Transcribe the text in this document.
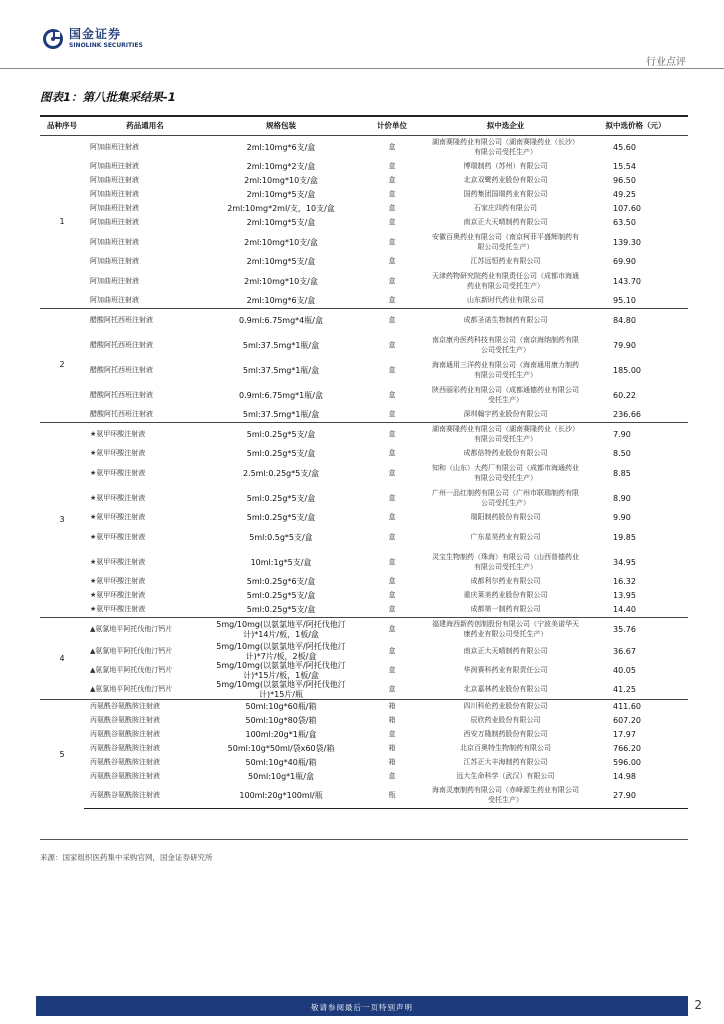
国金证券
SINOLINK SECURITIES
行业点评
图表1：第八批集采结果-1
品种序号	药品通用名	规格包装	计价单位	拟中选企业	拟中选价格（元）
1	阿加曲班注射液	2ml:10mg*6支/盒	盒	湖南赛隆药业有限公司（湖南赛隆药业（长沙）有限公司受托生产）	45.60
	阿加曲班注射液	2ml:10mg*2支/盒	盒	博瑞制药（苏州）有限公司	15.54
	阿加曲班注射液	2ml:10mg*10支/盒	盒	北京双鹭药业股份有限公司	96.50
	阿加曲班注射液	2ml:10mg*5支/盒	盒	国药集团国瑞药业有限公司	49.25
	阿加曲班注射液	2ml:10mg*2ml/支，10支/盒	盒	石家庄四药有限公司	107.60
	阿加曲班注射液	2ml:10mg*5支/盒	盒	南京正大天晴制药有限公司	63.50
	阿加曲班注射液	2ml:10mg*10支/盒	盒	安徽百奥药业有限公司（南京柯菲平盛辉制药有限公司受托生产）	139.30
	阿加曲班注射液	2ml:10mg*5支/盒	盒	江苏远恒药业有限公司	69.90
	阿加曲班注射液	2ml:10mg*10支/盒	盒	天津药物研究院药业有限责任公司（成都市海通药业有限公司受托生产）	143.70
	阿加曲班注射液	2ml:10mg*6支/盒	盒	山东新时代药业有限公司	95.10
2	醋酸阿托西班注射液	0.9ml:6.75mg*4瓶/盒	盒	成都圣诺生物制药有限公司	84.80
	醋酸阿托西班注射液	5ml:37.5mg*1瓶/盒	盒	南京康舟医药科技有限公司（南京海纳制药有限公司受托生产）	79.90
	醋酸阿托西班注射液	5ml:37.5mg*1瓶/盒	盒	海南通用三洋药业有限公司（海南通用康力制药有限公司受托生产）	185.00
	醋酸阿托西班注射液	0.9ml:6.75mg*1瓶/盒	盒	陕西丽彩药业有限公司（成都通德药业有限公司受托生产）	60.22
	醋酸阿托西班注射液	5ml:37.5mg*1瓶/盒	盒	深圳翰宇药业股份有限公司	236.66
3	★氨甲环酸注射液	5ml:0.25g*5支/盒	盒	湖南赛隆药业有限公司（湖南赛隆药业（长沙）有限公司受托生产）	7.90
	★氨甲环酸注射液	5ml:0.25g*5支/盒	盒	成都倍特药业股份有限公司	8.50
	★氨甲环酸注射液	2.5ml:0.25g*5支/盒	盒	知和（山东）大药厂有限公司（成都市海通药业有限公司受托生产）	8.85
	★氨甲环酸注射液	5ml:0.25g*5支/盒	盒	广州一品红制药有限公司（广州市联瑞制药有限公司受托生产）	8.90
	★氨甲环酸注射液	5ml:0.25g*5支/盒	盒	瑞阳制药股份有限公司	9.90
	★氨甲环酸注射液	5ml:0.5g*5支/盒	盒	广东星昊药业有限公司	19.85
	★氨甲环酸注射液	10ml:1g*5支/盒	盒	灵宝生物制药（珠海）有限公司（山西普德药业有限公司受托生产）	34.95
	★氨甲环酸注射液	5ml:0.25g*6支/盒	盒	成都利尔药业有限公司	16.32
	★氨甲环酸注射液	5ml:0.25g*5支/盒	盒	重庆莱美药业股份有限公司	13.95
	★氨甲环酸注射液	5ml:0.25g*5支/盒	盒	成都第一制药有限公司	14.40
4	▲氨氯地平阿托伐他汀钙片	5mg/10mg(以氨氯地平/阿托伐他汀计)*14片/板，1板/盒	盒	福建海西新药创制股份有限公司（宁波美诺华天康药业有限公司受托生产）	35.76
	▲氨氯地平阿托伐他汀钙片	5mg/10mg(以氨氯地平/阿托伐他汀计)*7片/板，2板/盒	盒	南京正大天晴制药有限公司	36.67
	▲氨氯地平阿托伐他汀钙片	5mg/10mg(以氨氯地平/阿托伐他汀计)*15片/板，1板/盒	盒	华润赛科药业有限责任公司	40.05
	▲氨氯地平阿托伐他汀钙片	5mg/10mg(以氨氯地平/阿托伐他汀计)*15片/瓶	盒	北京嘉林药业股份有限公司	41.25
5	丙氨酰谷氨酰胺注射液	50ml:10g*60瓶/箱	箱	四川科伦药业股份有限公司	411.60
	丙氨酰谷氨酰胺注射液	50ml:10g*80袋/箱	箱	辰欣药业股份有限公司	607.20
	丙氨酰谷氨酰胺注射液	100ml:20g*1瓶/盒	盒	西安万隆制药股份有限公司	17.97
	丙氨酰谷氨酰胺注射液	50ml:10g*50ml/袋x60袋/箱	箱	北京百奥特生物制药有限公司	766.20
	丙氨酰谷氨酰胺注射液	50ml:10g*40瓶/箱	箱	江苏正大丰海制药有限公司	596.00
	丙氨酰谷氨酰胺注射液	50ml:10g*1瓶/盒	盒	远大生命科学（武汉）有限公司	14.98
	丙氨酰谷氨酰胺注射液	100ml:20g*100ml/瓶	瓶	海南灵康制药有限公司（赤峰源生药业有限公司受托生产）	27.90
来源：国家组织医药集中采购官网，国金证券研究所
敬请参阅最后一页特别声明	2
